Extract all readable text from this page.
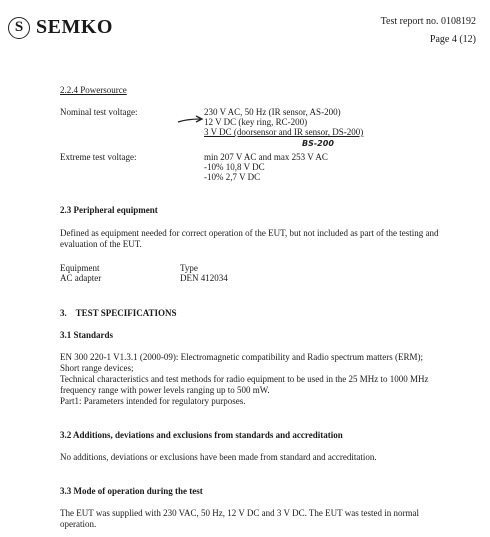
S SEMKO	Test report no. 0108192
Page 4 (12)
2.2.4 Powersource
Nominal test voltage:	230 V AC, 50 Hz (IR sensor, AS-200)
12 V DC (key ring, RC-200)
3 V DC (doorsensor and IR sensor, DS-200)
BS-200
Extreme test voltage:	min 207 V AC and max 253 V AC
-10% 10,8 V DC
-10% 2,7 V DC
2.3 Peripheral equipment
Defined as equipment needed for correct operation of the EUT, but not included as part of the testing and
evaluation of the EUT.
Equipment	Type
AC adapter	DEN 412034
3.    TEST SPECIFICATIONS
3.1 Standards
EN 300 220-1 V1.3.1 (2000-09): Electromagnetic compatibility and Radio spectrum matters (ERM);
Short range devices;
Technical characteristics and test methods for radio equipment to be used in the 25 MHz to 1000 MHz
frequency range with power levels ranging up to 500 mW.
Part1: Parameters intended for regulatory purposes.
3.2 Additions, deviations and exclusions from standards and accreditation
No additions, deviations or exclusions have been made from standard and accreditation.
3.3 Mode of operation during the test
The EUT was supplied with 230 VAC, 50 Hz, 12 V DC and 3 V DC. The EUT was tested in normal
operation.
